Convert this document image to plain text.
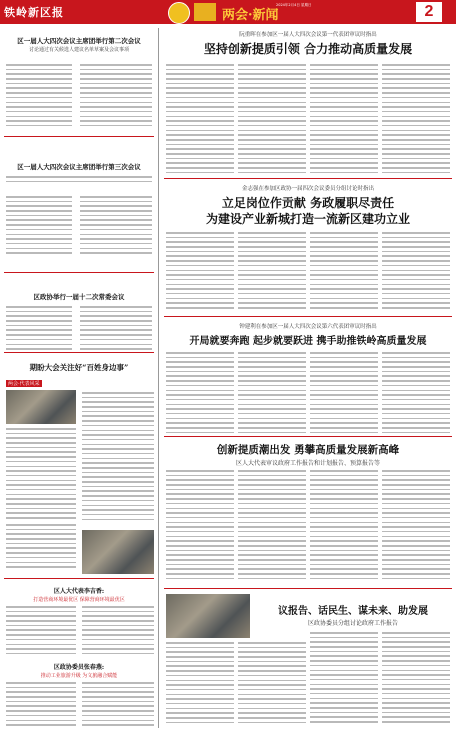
铁岭新区报	两会·新闻
2024年2月4日 星期日	2
区一届人大四次会议主席团举行第二次会议
讨论通过有关候选人建议名单草案及会议事项
区一届人大四次会议主席团举行第三次会议
区政协举行一届十二次常委会议
期盼大会关注好“百姓身边事”
两会·代表风采
区人大代表李吉香:
打造营商环境最优区 保障营商环境最优区
区政协委员张春燕:
推动工业旅游升级 为文旅融合赋能
阮重晖在参加区一届人大四次会议第一代表团审议时指出
坚持创新提质引领 合力推动高质量发展
金志强在参加区政协一届四次会议委员分组讨论时指出
立足岗位作贡献 务政履职尽责任
为建设产业新城打造一流新区建功立业
钟建利在参加区一届人大四次会议第六代表团审议时指出
开局就要奔跑 起步就要跃进 携手助推铁岭高质量发展
创新提质潮出发 勇攀高质量发展新高峰
区人大代表审议政府工作报告和计划报告、预算报告等
议报告、话民生、谋未来、助发展
区政协委员分组讨论政府工作报告
